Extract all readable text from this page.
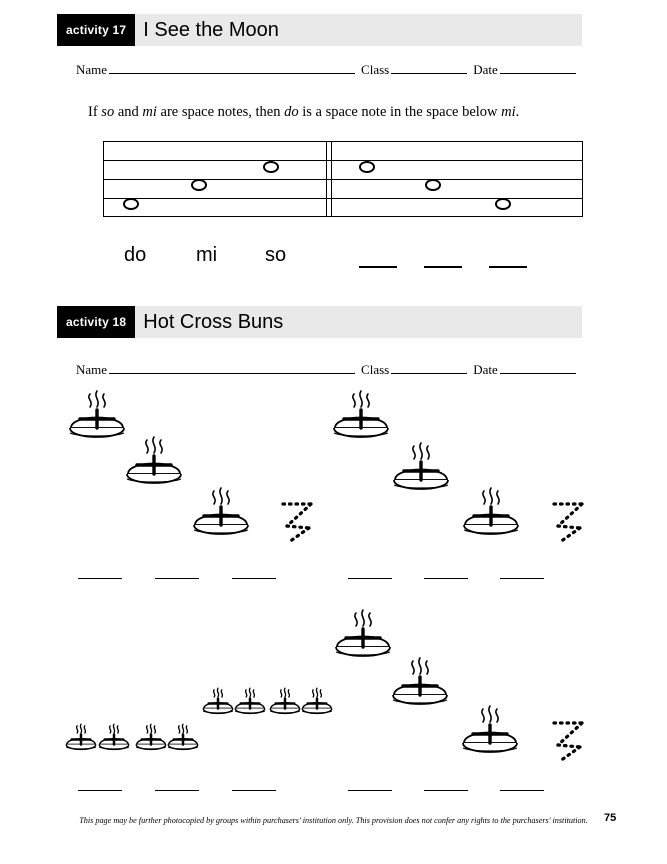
activity 17 I See the Moon
Name	Class	Date
If so and mi are space notes, then do is a space note in the space below mi.
do mi so
activity 18 Hot Cross Buns
Name	Class	Date
This page may be further photocopied by groups within purchasers' institution only. This provision does not confer any rights to the purchasers' institution.	75
